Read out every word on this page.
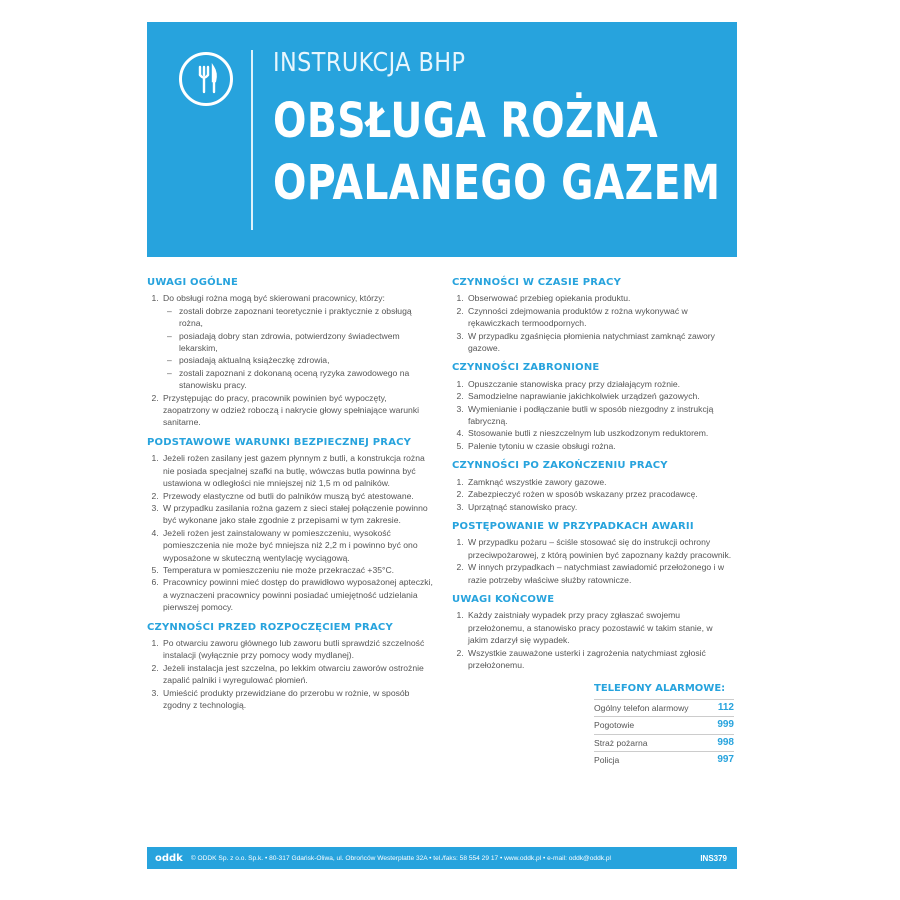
INSTRUKCJA BHP
OBSŁUGA ROŻNA
OPALANEGO GAZEM
UWAGI OGÓLNE
1. Do obsługi rożna mogą być skierowani pracownicy, którzy:
– zostali dobrze zapoznani teoretycznie i praktycznie z obsługą rożna,
– posiadają dobry stan zdrowia, potwierdzony świadectwem lekarskim,
– posiadają aktualną książeczkę zdrowia,
– zostali zapoznani z dokonaną oceną ryzyka zawodowego na stanowisku pracy.
2. Przystępując do pracy, pracownik powinien być wypoczęty, zaopatrzony w odzież roboczą i nakrycie głowy spełniające warunki sanitarne.
PODSTAWOWE WARUNKI BEZPIECZNEJ PRACY
1. Jeżeli rożen zasilany jest gazem płynnym z butli, a konstrukcja rożna nie posiada specjalnej szafki na butlę, wówczas butla powinna być ustawiona w odległości nie mniejszej niż 1,5 m od palników.
2. Przewody elastyczne od butli do palników muszą być atestowane.
3. W przypadku zasilania rożna gazem z sieci stałej połączenie powinno być wykonane jako stałe zgodnie z przepisami w tym zakresie.
4. Jeżeli rożen jest zainstalowany w pomieszczeniu, wysokość pomieszczenia nie może być mniejsza niż 2,2 m i powinno być ono wyposażone w skuteczną wentylację wyciągową.
5. Temperatura w pomieszczeniu nie może przekraczać +35°C.
6. Pracownicy powinni mieć dostęp do prawidłowo wyposażonej apteczki, a wyznaczeni pracownicy powinni posiadać umiejętność udzielania pierwszej pomocy.
CZYNNOŚCI PRZED ROZPOCZĘCIEM PRACY
1. Po otwarciu zaworu głównego lub zaworu butli sprawdzić szczelność instalacji (wyłącznie przy pomocy wody mydlanej).
2. Jeżeli instalacja jest szczelna, po lekkim otwarciu zaworów ostrożnie zapalić palniki i wyregulować płomień.
3. Umieścić produkty przewidziane do przerobu w rożnie, w sposób zgodny z technologią.
CZYNNOŚCI W CZASIE PRACY
1. Obserwować przebieg opiekania produktu.
2. Czynności zdejmowania produktów z rożna wykonywać w rękawiczkach termoodpornych.
3. W przypadku zgaśnięcia płomienia natychmiast zamknąć zawory gazowe.
CZYNNOŚCI ZABRONIONE
1. Opuszczanie stanowiska pracy przy działającym rożnie.
2. Samodzielne naprawianie jakichkolwiek urządzeń gazowych.
3. Wymienianie i podłączanie butli w sposób niezgodny z instrukcją fabryczną.
4. Stosowanie butli z nieszczelnym lub uszkodzonym reduktorem.
5. Palenie tytoniu w czasie obsługi rożna.
CZYNNOŚCI PO ZAKOŃCZENIU PRACY
1. Zamknąć wszystkie zawory gazowe.
2. Zabezpieczyć rożen w sposób wskazany przez pracodawcę.
3. Uprzątnąć stanowisko pracy.
POSTĘPOWANIE W PRZYPADKACH AWARII
1. W przypadku pożaru – ściśle stosować się do instrukcji ochrony przeciwpożarowej, z którą powinien być zapoznany każdy pracownik.
2. W innych przypadkach – natychmiast zawiadomić przełożonego i w razie potrzeby właściwe służby ratownicze.
UWAGI KOŃCOWE
1. Każdy zaistniały wypadek przy pracy zgłaszać swojemu przełożonemu, a stanowisko pracy pozostawić w takim stanie, w jakim zdarzył się wypadek.
2. Wszystkie zauważone usterki i zagrożenia natychmiast zgłosić przełożonemu.
TELEFONY ALARMOWE:
Ogólny telefon alarmowy	112
Pogotowie	999
Straż pożarna	998
Policja	997
oddk © ODDK Sp. z o.o. Sp.k. • 80-317 Gdańsk-Oliwa, ul. Obrońców Westerplatte 32A • tel./faks: 58 554 29 17 • www.oddk.pl • e-mail: oddk@oddk.pl	INS379
